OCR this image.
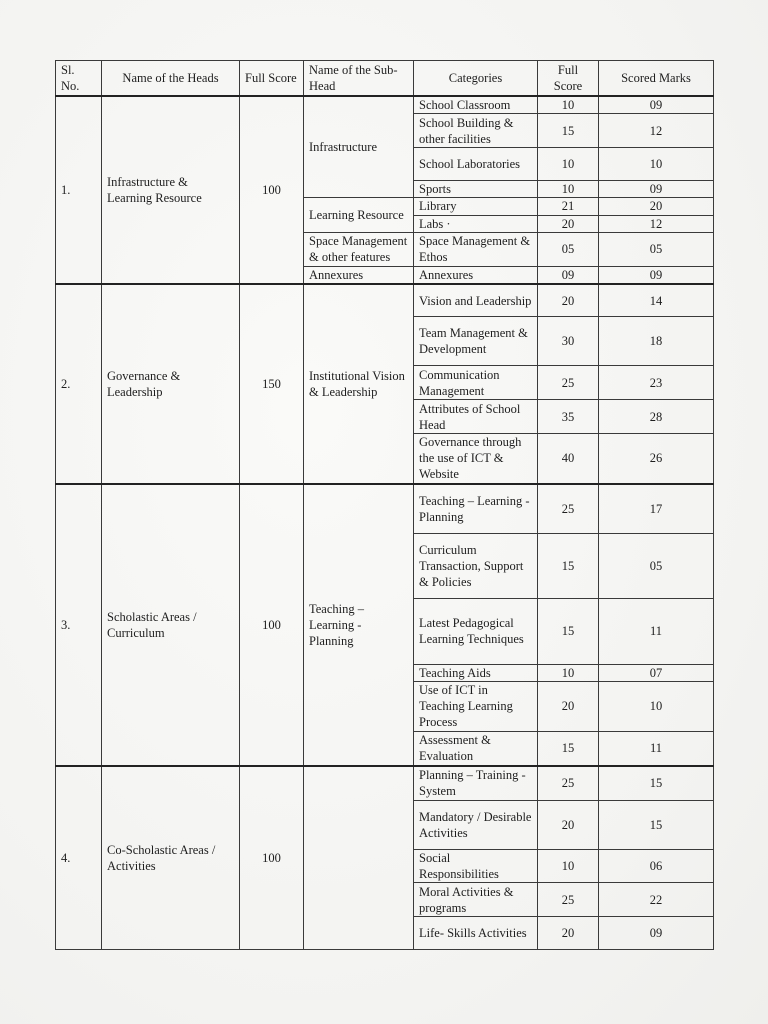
Sl. No.	Name of the Heads	Full Score	Name of the Sub-Head	Categories	Full Score	Scored Marks
1.	Infrastructure & Learning Resource	100	Infrastructure	School Classroom	10	09
				School Building & other facilities	15	12
				School Laboratories	10	10
				Sports	10	09
			Learning Resource	Library	21	20
				Labs ·	20	12
			Space Management & other features	Space Management & Ethos	05	05
			Annexures	Annexures	09	09
2.	Governance & Leadership	150	Institutional Vision & Leadership	Vision and Leadership	20	14
				Team Management & Development	30	18
				Communication Management	25	23
				Attributes of School Head	35	28
				Governance through the use of ICT & Website	40	26
3.	Scholastic Areas / Curriculum	100	Teaching – Learning - Planning	Teaching – Learning - Planning	25	17
				Curriculum Transaction, Support & Policies	15	05
				Latest Pedagogical Learning Techniques	15	11
				Teaching Aids	10	07
				Use of ICT in Teaching Learning Process	20	10
				Assessment & Evaluation	15	11
4.	Co-Scholastic Areas / Activities	100		Planning – Training - System	25	15
				Mandatory / Desirable Activities	20	15
				Social Responsibilities	10	06
				Moral Activities & programs	25	22
				Life- Skills Activities	20	09
